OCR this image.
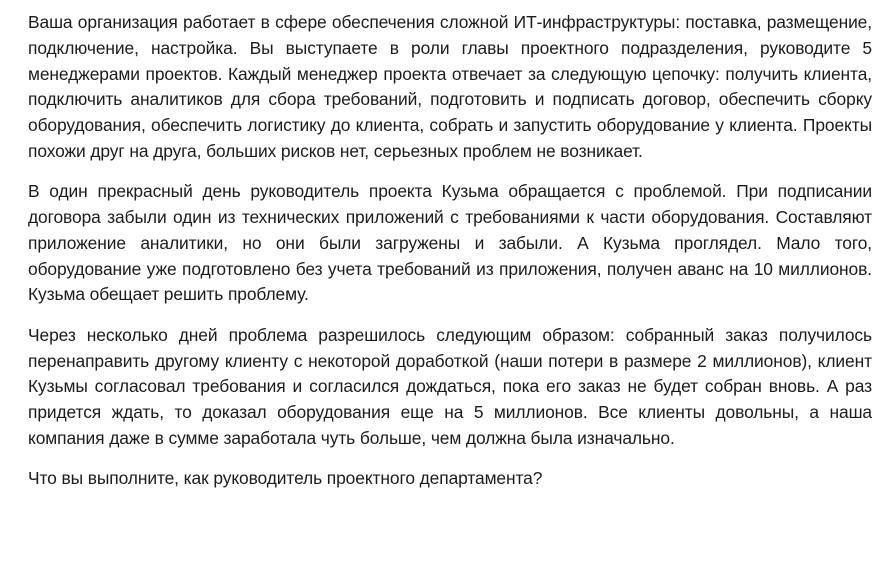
Ваша организация работает в сфере обеспечения сложной ИТ-инфраструктуры: поставка, размещение, подключение, настройка. Вы выступаете в роли главы проектного подразделения, руководите 5 менеджерами проектов. Каждый менеджер проекта отвечает за следующую цепочку: получить клиента, подключить аналитиков для сбора требований, подготовить и подписать договор, обеспечить сборку оборудования, обеспечить логистику до клиента, собрать и запустить оборудование у клиента. Проекты похожи друг на друга, больших рисков нет, серьезных проблем не возникает.

В один прекрасный день руководитель проекта Кузьма обращается с проблемой. При подписании договора забыли один из технических приложений с требованиями к части оборудования. Составляют приложение аналитики, но они были загружены и забыли. А Кузьма проглядел. Мало того, оборудование уже подготовлено без учета требований из приложения, получен аванс на 10 миллионов. Кузьма обещает решить проблему.

Через несколько дней проблема разрешилось следующим образом: собранный заказ получилось перенаправить другому клиенту с некоторой доработкой (наши потери в размере 2 миллионов), клиент Кузьмы согласовал требования и согласился дождаться, пока его заказ не будет собран вновь. А раз придется ждать, то доказал оборудования еще на 5 миллионов. Все клиенты довольны, а наша компания даже в сумме заработала чуть больше, чем должна была изначально.

Что вы выполните, как руководитель проектного департамента?
